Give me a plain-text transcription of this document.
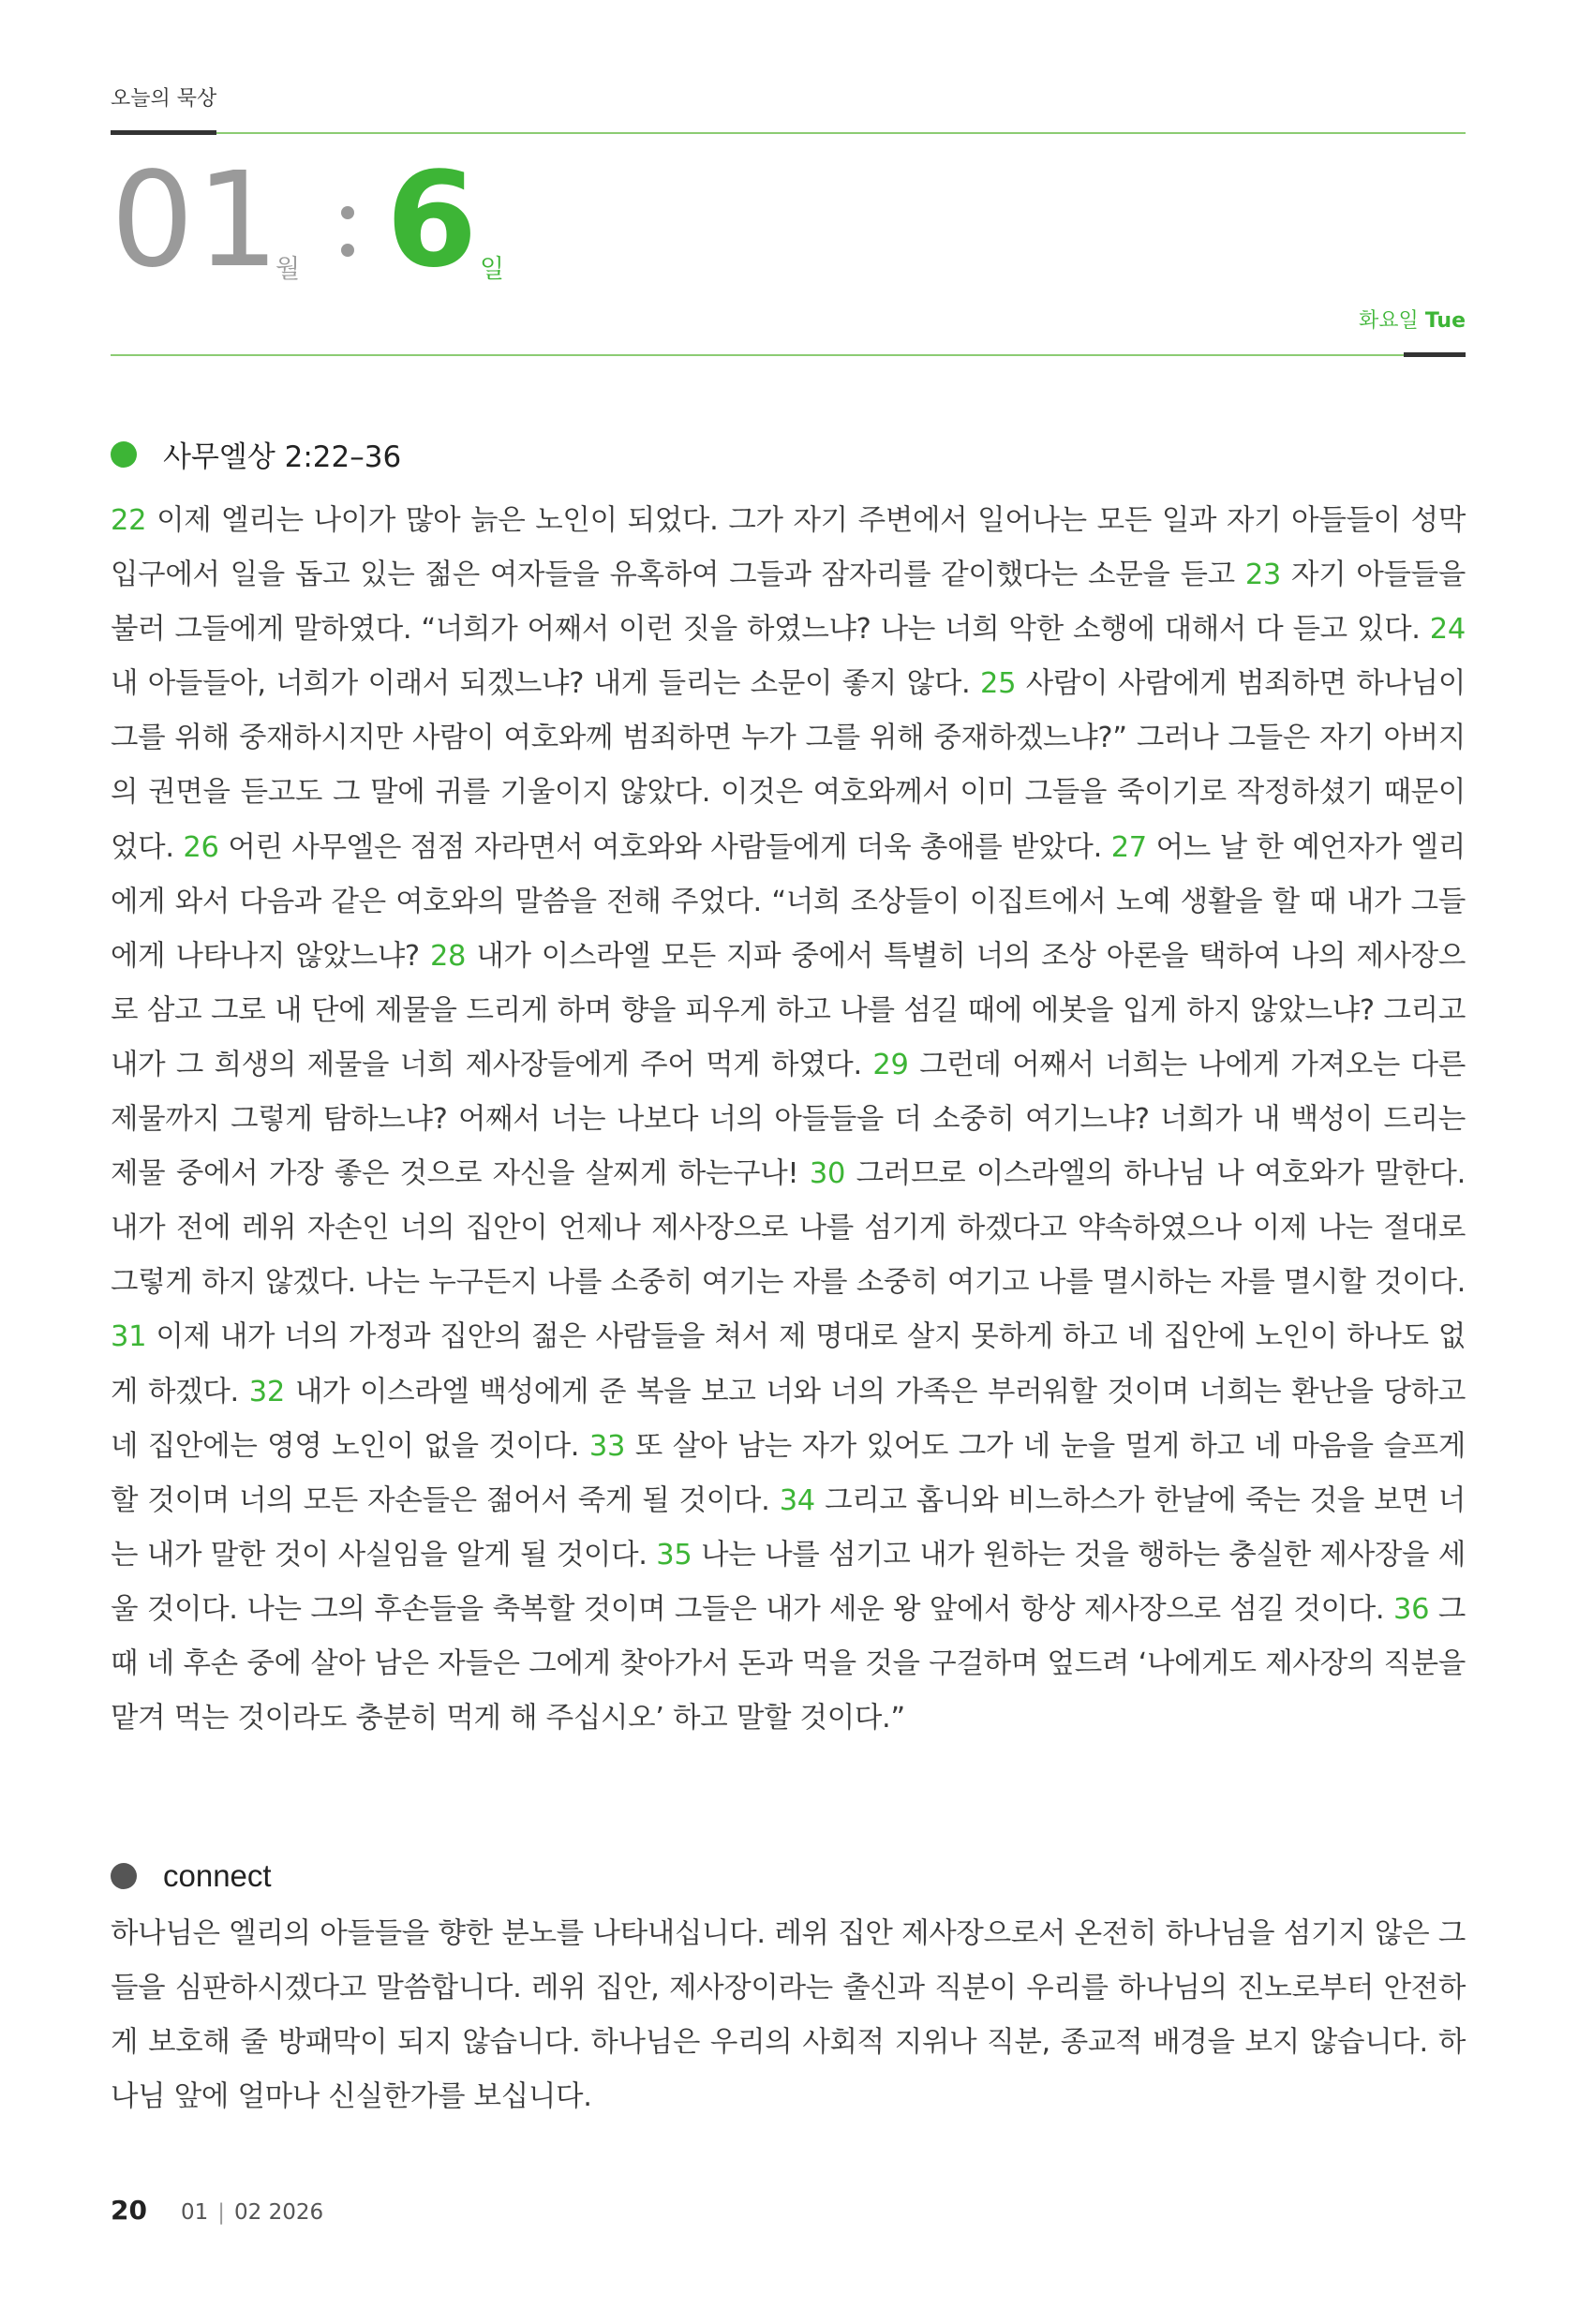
오늘의 묵상
01
월 6 일
화요일 Tue
사무엘상 2:22–36
22 이제 엘리는 나이가 많아 늙은 노인이 되었다. 그가 자기 주변에서 일어나는 모든 일과 자기 아들들이 성막 입구에서 일을 돕고 있는 젊은 여자들을 유혹하여 그들과 잠자리를 같이했다는 소문을 듣고 23 자기 아들들을 불러 그들에게 말하였다. “너희가 어째서 이런 짓을 하였느냐? 나는 너희 악한 소행에 대해서 다 듣고 있다. 24 내 아들들아, 너희가 이래서 되겠느냐? 내게 들리는 소문이 좋지 않다. 25 사람이 사람에게 범죄하면 하나님이 그를 위해 중재하시지만 사람이 여호와께 범죄하면 누가 그를 위해 중재하겠느냐?” 그러나 그들은 자기 아버지의 권면을 듣고도 그 말에 귀를 기울이지 않았다. 이것은 여호와께서 이미 그들을 죽이기로 작정하셨기 때문이었다. 26 어린 사무엘은 점점 자라면서 여호와와 사람들에게 더욱 총애를 받았다. 27 어느 날 한 예언자가 엘리에게 와서 다음과 같은 여호와의 말씀을 전해 주었다. “너희 조상들이 이집트에서 노예 생활을 할 때 내가 그들에게 나타나지 않았느냐? 28 내가 이스라엘 모든 지파 중에서 특별히 너의 조상 아론을 택하여 나의 제사장으로 삼고 그로 내 단에 제물을 드리게 하며 향을 피우게 하고 나를 섬길 때에 에봇을 입게 하지 않았느냐? 그리고 내가 그 희생의 제물을 너희 제사장들에게 주어 먹게 하였다. 29 그런데 어째서 너희는 나에게 가져오는 다른 제물까지 그렇게 탐하느냐? 어째서 너는 나보다 너의 아들들을 더 소중히 여기느냐? 너희가 내 백성이 드리는 제물 중에서 가장 좋은 것으로 자신을 살찌게 하는구나! 30 그러므로 이스라엘의 하나님 나 여호와가 말한다. 내가 전에 레위 자손인 너의 집안이 언제나 제사장으로 나를 섬기게 하겠다고 약속하였으나 이제 나는 절대로 그렇게 하지 않겠다. 나는 누구든지 나를 소중히 여기는 자를 소중히 여기고 나를 멸시하는 자를 멸시할 것이다. 31 이제 내가 너의 가정과 집안의 젊은 사람들을 쳐서 제 명대로 살지 못하게 하고 네 집안에 노인이 하나도 없게 하겠다. 32 내가 이스라엘 백성에게 준 복을 보고 너와 너의 가족은 부러워할 것이며 너희는 환난을 당하고 네 집안에는 영영 노인이 없을 것이다. 33 또 살아 남는 자가 있어도 그가 네 눈을 멀게 하고 네 마음을 슬프게 할 것이며 너의 모든 자손들은 젊어서 죽게 될 것이다. 34 그리고 홉니와 비느하스가 한날에 죽는 것을 보면 너는 내가 말한 것이 사실임을 알게 될 것이다. 35 나는 나를 섬기고 내가 원하는 것을 행하는 충실한 제사장을 세울 것이다. 나는 그의 후손들을 축복할 것이며 그들은 내가 세운 왕 앞에서 항상 제사장으로 섬길 것이다. 36 그때 네 후손 중에 살아 남은 자들은 그에게 찾아가서 돈과 먹을 것을 구걸하며 엎드려 ‘나에게도 제사장의 직분을 맡겨 먹는 것이라도 충분히 먹게 해 주십시오’ 하고 말할 것이다.”
connect
하나님은 엘리의 아들들을 향한 분노를 나타내십니다. 레위 집안 제사장으로서 온전히 하나님을 섬기지 않은 그들을 심판하시겠다고 말씀합니다. 레위 집안, 제사장이라는 출신과 직분이 우리를 하나님의 진노로부터 안전하게 보호해 줄 방패막이 되지 않습니다. 하나님은 우리의 사회적 지위나 직분, 종교적 배경을 보지 않습니다. 하나님 앞에 얼마나 신실한가를 보십니다.
20 01 | 02 2026
